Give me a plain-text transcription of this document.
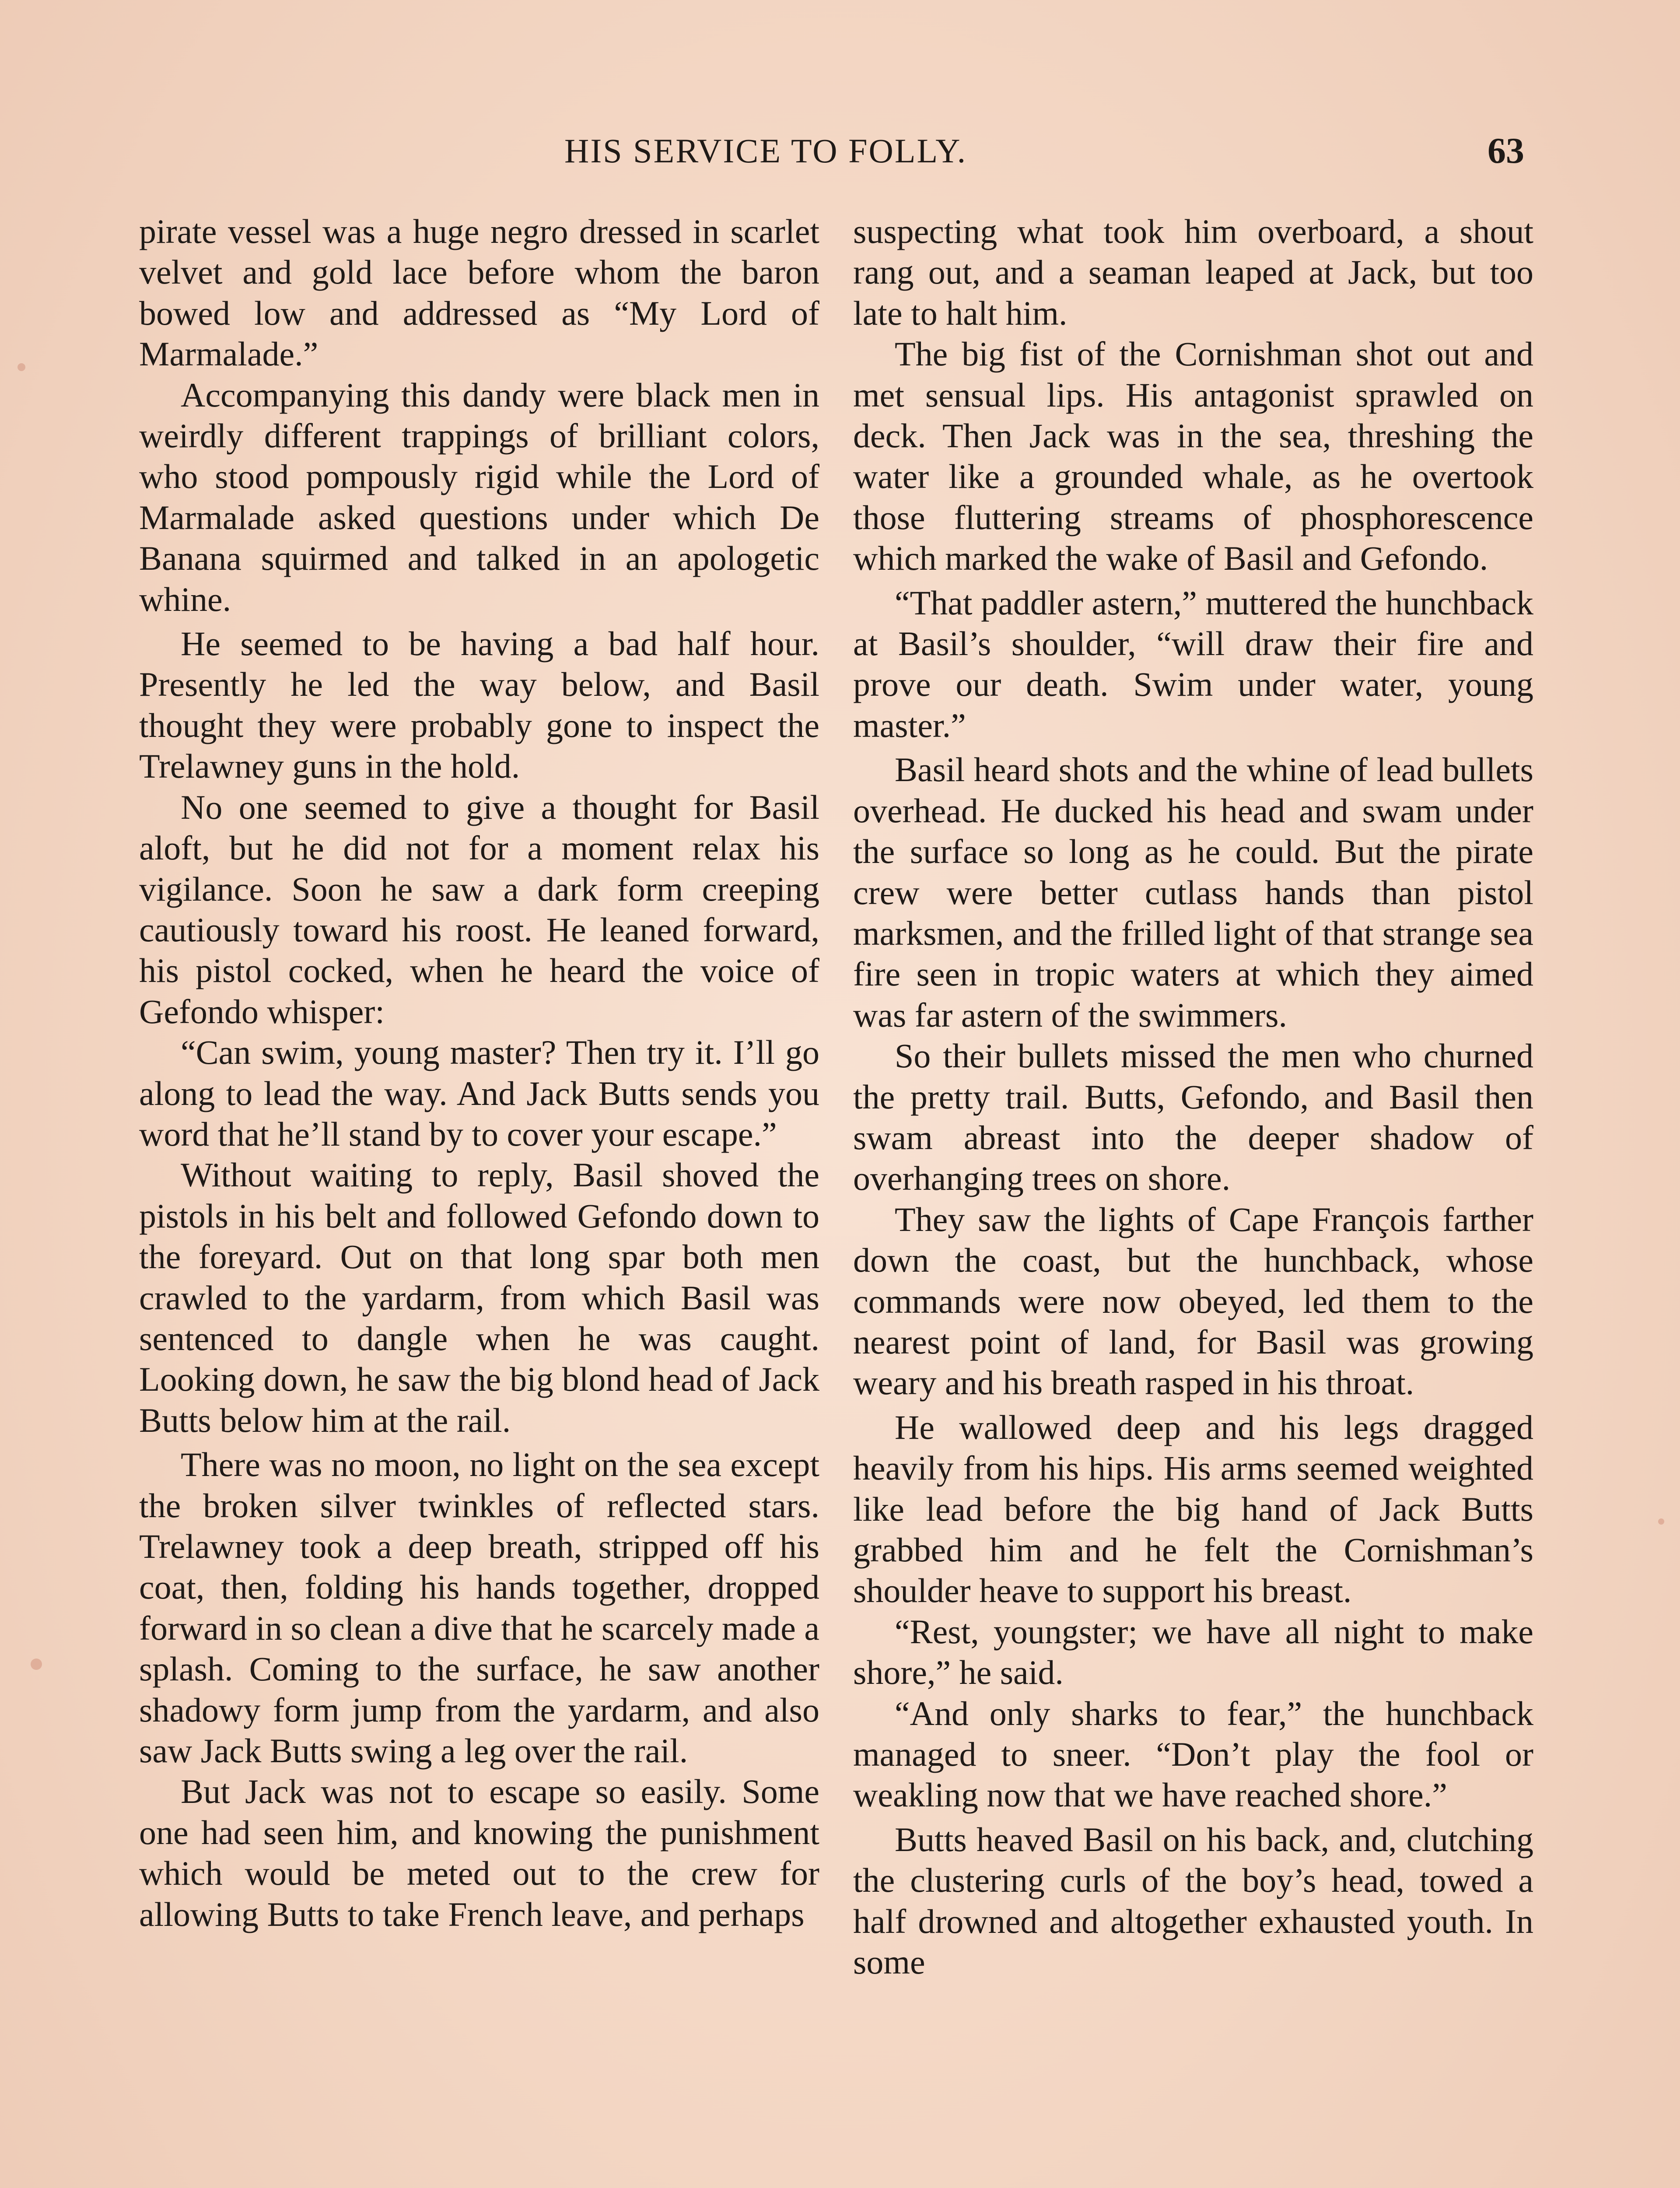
HIS SERVICE TO FOLLY.	63

pirate vessel was a huge negro dressed in scarlet velvet and gold lace before whom the baron bowed low and addressed as “My Lord of Marmalade.”

Accompanying this dandy were black men in weirdly different trappings of brilliant colors, who stood pompously rigid while the Lord of Marmalade asked questions under which De Banana squirmed and talked in an apologetic whine.

He seemed to be having a bad half hour. Presently he led the way below, and Basil thought they were probably gone to inspect the Trelawney guns in the hold.

No one seemed to give a thought for Basil aloft, but he did not for a moment relax his vigilance. Soon he saw a dark form creeping cautiously toward his roost. He leaned forward, his pistol cocked, when he heard the voice of Gefondo whisper:

“Can swim, young master? Then try it. I’ll go along to lead the way. And Jack Butts sends you word that he’ll stand by to cover your escape.”

Without waiting to reply, Basil shoved the pistols in his belt and followed Gefondo down to the foreyard. Out on that long spar both men crawled to the yardarm, from which Basil was sentenced to dangle when he was caught. Looking down, he saw the big blond head of Jack Butts below him at the rail.

There was no moon, no light on the sea except the broken silver twinkles of reflected stars. Trelawney took a deep breath, stripped off his coat, then, folding his hands together, dropped forward in so clean a dive that he scarcely made a splash. Coming to the surface, he saw another shadowy form jump from the yardarm, and also saw Jack Butts swing a leg over the rail.

But Jack was not to escape so easily. Some one had seen him, and knowing the punishment which would be meted out to the crew for allowing Butts to take French leave, and perhaps

suspecting what took him overboard, a shout rang out, and a seaman leaped at Jack, but too late to halt him.

The big fist of the Cornishman shot out and met sensual lips. His antagonist sprawled on deck. Then Jack was in the sea, threshing the water like a grounded whale, as he overtook those fluttering streams of phosphorescence which marked the wake of Basil and Gefondo.

“That paddler astern,” muttered the hunchback at Basil’s shoulder, “will draw their fire and prove our death. Swim under water, young master.”

Basil heard shots and the whine of lead bullets overhead. He ducked his head and swam under the surface so long as he could. But the pirate crew were better cutlass hands than pistol marksmen, and the frilled light of that strange sea fire seen in tropic waters at which they aimed was far astern of the swimmers.

So their bullets missed the men who churned the pretty trail. Butts, Gefondo, and Basil then swam abreast into the deeper shadow of overhanging trees on shore.

They saw the lights of Cape François farther down the coast, but the hunchback, whose commands were now obeyed, led them to the nearest point of land, for Basil was growing weary and his breath rasped in his throat.

He wallowed deep and his legs dragged heavily from his hips. His arms seemed weighted like lead before the big hand of Jack Butts grabbed him and he felt the Cornishman’s shoulder heave to support his breast.

“Rest, youngster; we have all night to make shore,” he said.

“And only sharks to fear,” the hunchback managed to sneer. “Don’t play the fool or weakling now that we have reached shore.”

Butts heaved Basil on his back, and, clutching the clustering curls of the boy’s head, towed a half drowned and altogether exhausted youth. In some
